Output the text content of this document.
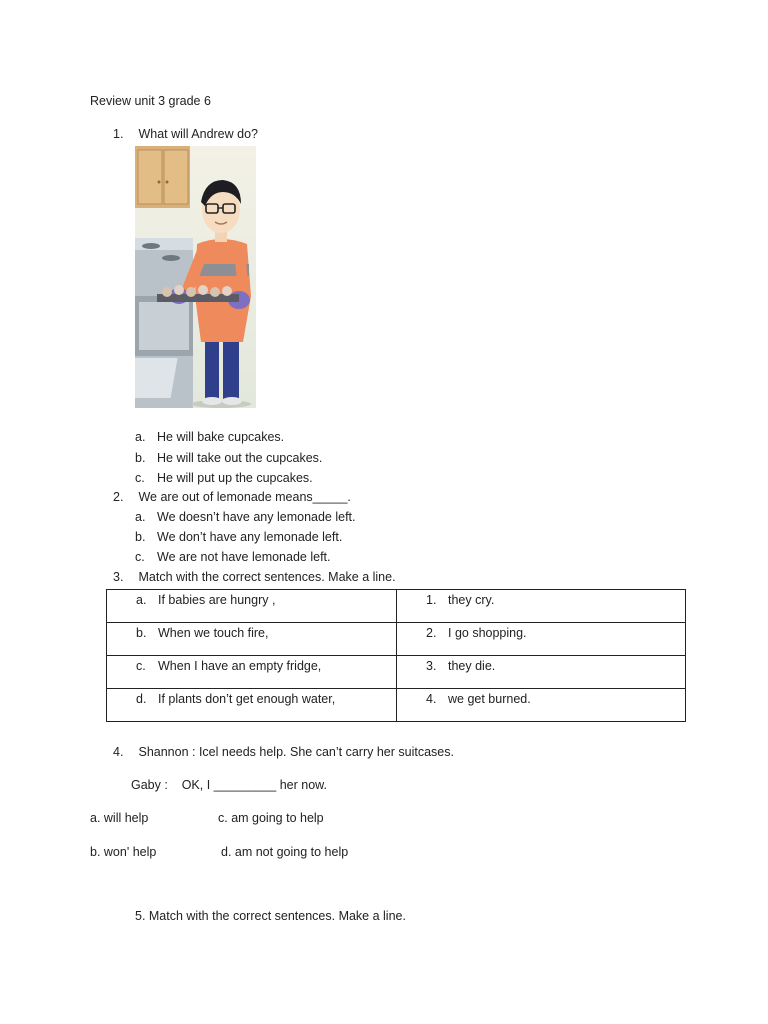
Review unit 3 grade 6
1. What will Andrew do?
a. He will bake cupcakes.
b. He will take out the cupcakes.
c. He will put up the cupcakes.
2. We are out of lemonade means_____.
a. We doesn’t have any lemonade left.
b. We don’t have any lemonade left.
c. We are not have lemonade left.
3. Match with the correct sentences. Make a line.
a. If babies are hungry ,	1. they cry.

b. When we touch fire,	2. I go shopping.

c. When I have an empty fridge,	3. they die.

d. If plants don’t get enough water,	4. we get burned.
4. Shannon : Icel needs help. She can’t carry her suitcases.
Gaby :    OK, I _________ her now.
a. will help	c. am going to help
b. won' help	d. am not going to help
5. Match with the correct sentences. Make a line.
